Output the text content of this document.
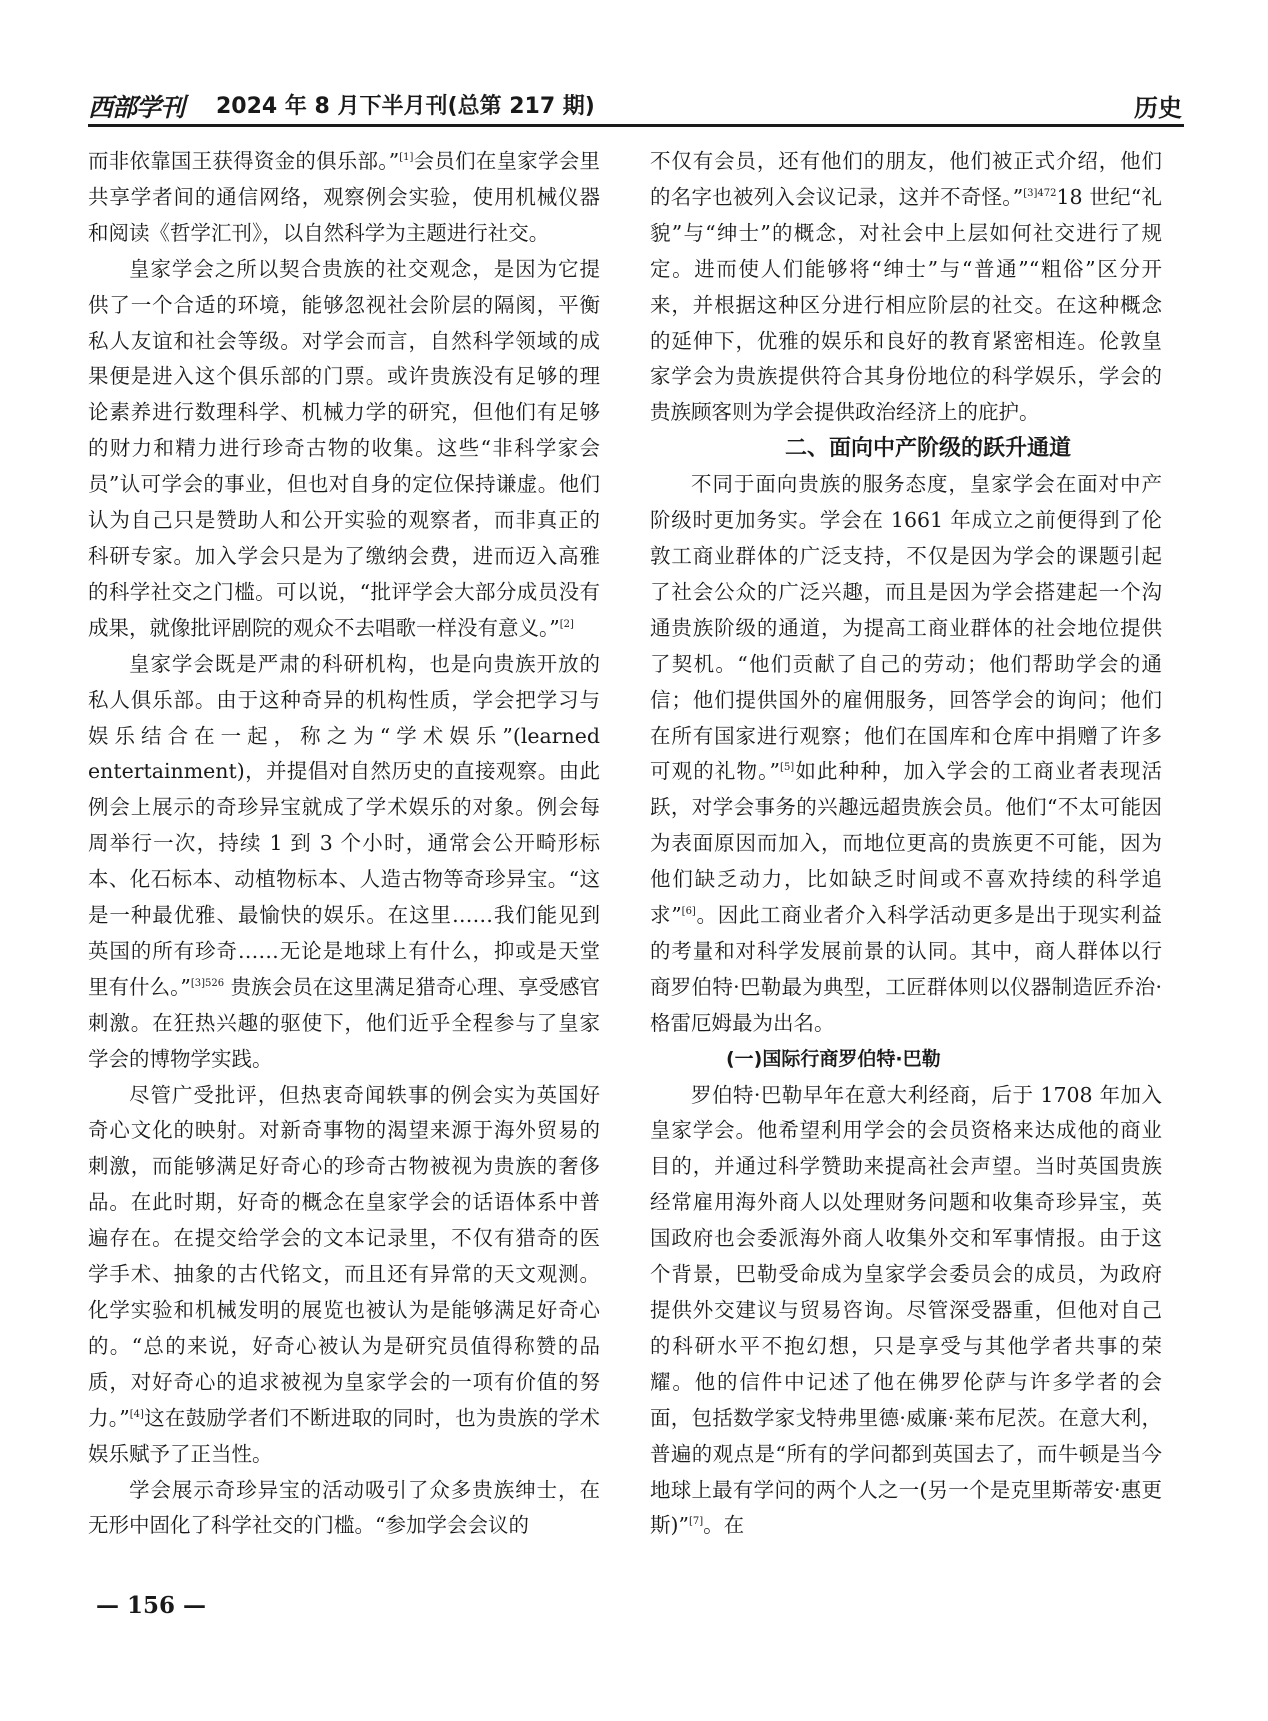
西部学刊 2024 年 8 月下半月刊(总第 217 期)	历史

而非依靠国王获得资金的俱乐部。”[1]会员们在皇家学会里共享学者间的通信网络，观察例会实验，使用机械仪器和阅读《哲学汇刊》，以自然科学为主题进行社交。

皇家学会之所以契合贵族的社交观念，是因为它提供了一个合适的环境，能够忽视社会阶层的隔阂，平衡私人友谊和社会等级。对学会而言，自然科学领域的成果便是进入这个俱乐部的门票。或许贵族没有足够的理论素养进行数理科学、机械力学的研究，但他们有足够的财力和精力进行珍奇古物的收集。这些“非科学家会员”认可学会的事业，但也对自身的定位保持谦虚。他们认为自己只是赞助人和公开实验的观察者，而非真正的科研专家。加入学会只是为了缴纳会费，进而迈入高雅的科学社交之门槛。可以说，“批评学会大部分成员没有成果，就像批评剧院的观众不去唱歌一样没有意义。”[2]

皇家学会既是严肃的科研机构，也是向贵族开放的私人俱乐部。由于这种奇异的机构性质，学会把学习与娱乐结合在一起，称之为“学术娱乐”(learned entertainment)，并提倡对自然历史的直接观察。由此例会上展示的奇珍异宝就成了学术娱乐的对象。例会每周举行一次，持续 1 到 3 个小时，通常会公开畸形标本、化石标本、动植物标本、人造古物等奇珍异宝。“这是一种最优雅、最愉快的娱乐。在这里……我们能见到英国的所有珍奇……无论是地球上有什么，抑或是天堂里有什么。”$^{[3]526}$ 贵族会员在这里满足猎奇心理、享受感官刺激。在狂热兴趣的驱使下，他们近乎全程参与了皇家学会的博物学实践。

尽管广受批评，但热衷奇闻轶事的例会实为英国好奇心文化的映射。对新奇事物的渴望来源于海外贸易的刺激，而能够满足好奇心的珍奇古物被视为贵族的奢侈品。在此时期，好奇的概念在皇家学会的话语体系中普遍存在。在提交给学会的文本记录里，不仅有猎奇的医学手术、抽象的古代铭文，而且还有异常的天文观测。化学实验和机械发明的展览也被认为是能够满足好奇心的。“总的来说，好奇心被认为是研究员值得称赞的品质，对好奇心的追求被视为皇家学会的一项有价值的努力。”[4]这在鼓励学者们不断进取的同时，也为贵族的学术娱乐赋予了正当性。

学会展示奇珍异宝的活动吸引了众多贵族绅士，在无形中固化了科学社交的门槛。“参加学会会议的

不仅有会员，还有他们的朋友，他们被正式介绍，他们的名字也被列入会议记录，这并不奇怪。”$^{[3]472}$18 世纪“礼貌”与“绅士”的概念，对社会中上层如何社交进行了规定。进而使人们能够将“绅士”与“普通”“粗俗”区分开来，并根据这种区分进行相应阶层的社交。在这种概念的延伸下，优雅的娱乐和良好的教育紧密相连。伦敦皇家学会为贵族提供符合其身份地位的科学娱乐，学会的贵族顾客则为学会提供政治经济上的庇护。

二、面向中产阶级的跃升通道

不同于面向贵族的服务态度，皇家学会在面对中产阶级时更加务实。学会在 1661 年成立之前便得到了伦敦工商业群体的广泛支持，不仅是因为学会的课题引起了社会公众的广泛兴趣，而且是因为学会搭建起一个沟通贵族阶级的通道，为提高工商业群体的社会地位提供了契机。“他们贡献了自己的劳动；他们帮助学会的通信；他们提供国外的雇佣服务，回答学会的询问；他们在所有国家进行观察；他们在国库和仓库中捐赠了许多可观的礼物。”[5]如此种种，加入学会的工商业者表现活跃，对学会事务的兴趣远超贵族会员。他们“不太可能因为表面原因而加入，而地位更高的贵族更不可能，因为他们缺乏动力，比如缺乏时间或不喜欢持续的科学追求”[6]。因此工商业者介入科学活动更多是出于现实利益的考量和对科学发展前景的认同。其中，商人群体以行商罗伯特·巴勒最为典型，工匠群体则以仪器制造匠乔治·格雷厄姆最为出名。

(一)国际行商罗伯特·巴勒

罗伯特·巴勒早年在意大利经商，后于 1708 年加入皇家学会。他希望利用学会的会员资格来达成他的商业目的，并通过科学赞助来提高社会声望。当时英国贵族经常雇用海外商人以处理财务问题和收集奇珍异宝，英国政府也会委派海外商人收集外交和军事情报。由于这个背景，巴勒受命成为皇家学会委员会的成员，为政府提供外交建议与贸易咨询。尽管深受器重，但他对自己的科研水平不抱幻想，只是享受与其他学者共事的荣耀。他的信件中记述了他在佛罗伦萨与许多学者的会面，包括数学家戈特弗里德·威廉·莱布尼茨。在意大利，普遍的观点是“所有的学问都到英国去了，而牛顿是当今地球上最有学问的两个人之一(另一个是克里斯蒂安·惠更斯)”[7]。在

— 156 —
